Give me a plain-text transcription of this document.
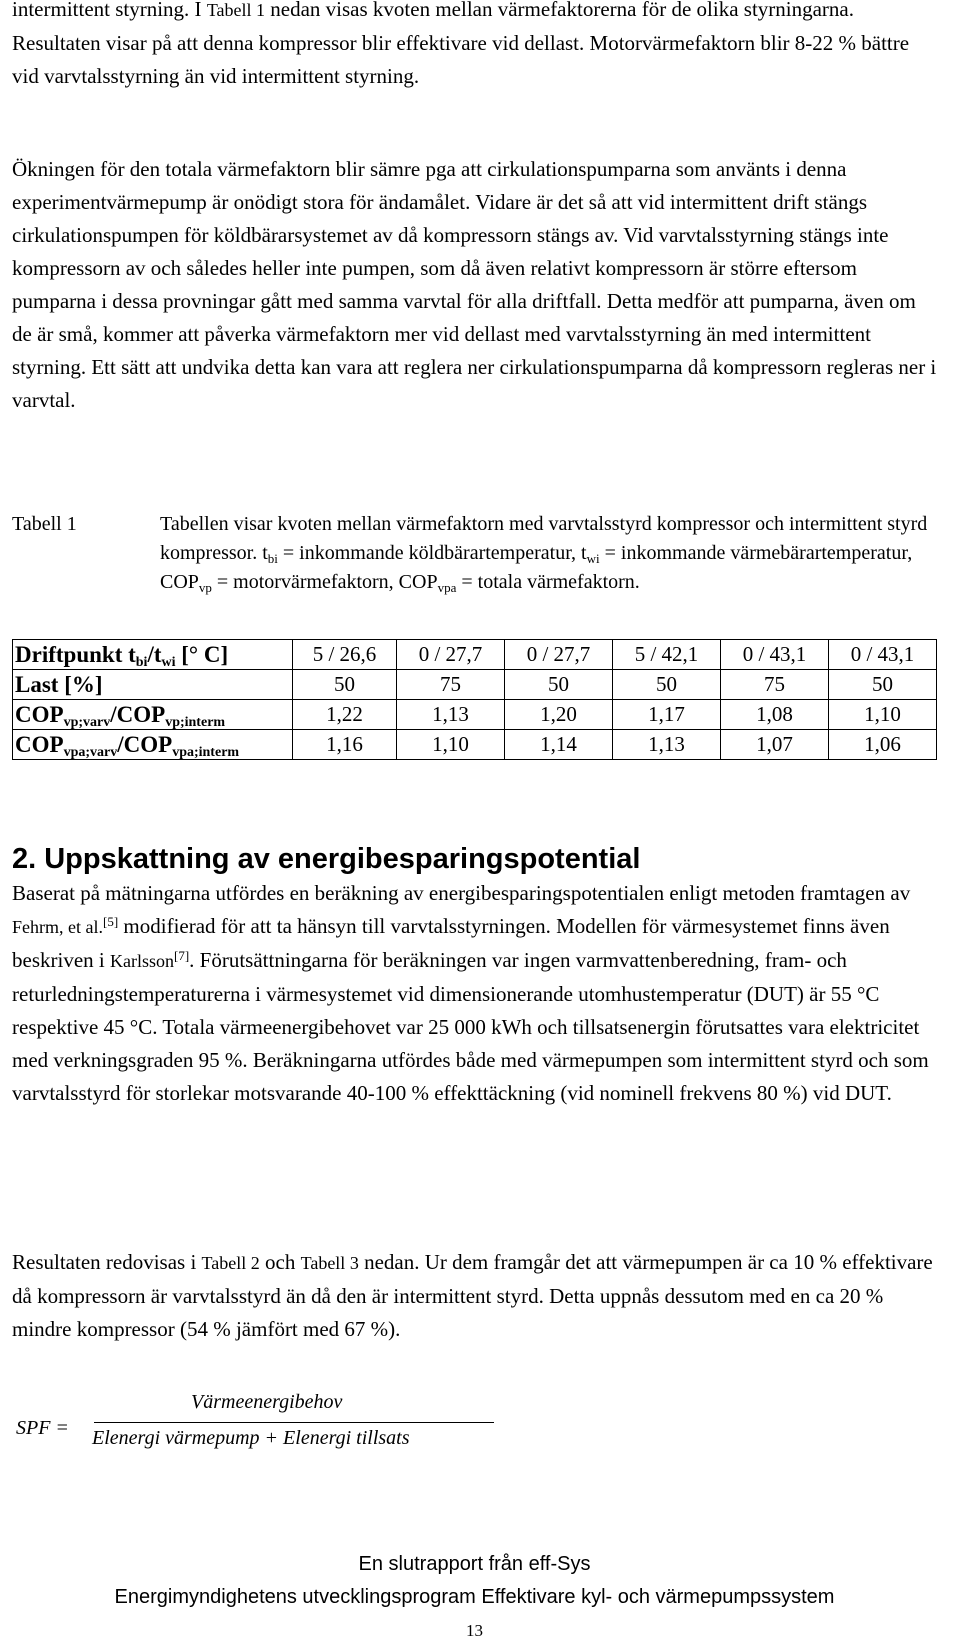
intermittent styrning. I Tabell 1 nedan visas kvoten mellan värmefaktorerna för de olika styrningarna. Resultaten visar på att denna kompressor blir effektivare vid dellast. Motorvärmefaktorn blir 8-22 % bättre vid varvtalsstyrning än vid intermittent styrning.

Ökningen för den totala värmefaktorn blir sämre pga att cirkulationspumparna som använts i denna experimentvärmepump är onödigt stora för ändamålet. Vidare är det så att vid intermittent drift stängs cirkulationspumpen för köldbärarsystemet av då kompressorn stängs av. Vid varvtalsstyrning stängs inte kompressorn av och således heller inte pumpen, som då även relativt kompressorn är större eftersom pumparna i dessa provningar gått med samma varvtal för alla driftfall. Detta medför att pumparna, även om de är små, kommer att påverka värmefaktorn mer vid dellast med varvtalsstyrning än med intermittent styrning. Ett sätt att undvika detta kan vara att reglera ner cirkulationspumparna då kompressorn regleras ner i varvtal.

Tabell 1	Tabellen visar kvoten mellan värmefaktorn med varvtalsstyrd kompressor och intermittent styrd kompressor. $t_{bi}$ = inkommande köldbärartemperatur, $t_{wi}$ = inkommande värmebärartemperatur, $COP_{vp}$ = motorvärmefaktorn, $COP_{vpa}$ = totala värmefaktorn.
Driftpunkt $t_{bi}/t_{wi}$ [° C]	5 / 26,6	0 / 27,7	0 / 27,7	5 / 42,1	0 / 43,1	0 / 43,1
Last [%]	50	75	50	50	75	50
$COP_{vp;varv}/COP_{vp;interm}$	1,22	1,13	1,20	1,17	1,08	1,10
$COP_{vpa;varv}/COP_{vpa;interm}$	1,16	1,10	1,14	1,13	1,07	1,06
2. Uppskattning av energibesparingspotential

Baserat på mätningarna utfördes en beräkning av energibesparingspotentialen enligt metoden framtagen av Fehrm, et al.[5] modifierad för att ta hänsyn till varvtalsstyrningen. Modellen för värmesystemet finns även beskriven i Karlsson[7]. Förutsättningarna för beräkningen var ingen varmvattenberedning, fram- och returledningstemperaturerna i värmesystemet vid dimensionerande utomhustemperatur (DUT) är 55 °C respektive 45 °C. Totala värmeenergibehovet var 25 000 kWh och tillsatsenergin förutsattes vara elektricitet med verkningsgraden 95 %. Beräkningarna utfördes både med värmepumpen som intermittent styrd och som varvtalsstyrd för storlekar motsvarande 40-100 % effekttäckning (vid nominell frekvens 80 %) vid DUT.

Resultaten redovisas i Tabell 2 och Tabell 3 nedan. Ur dem framgår det att värmepumpen är ca 10 % effektivare då kompressorn är varvtalsstyrd än då den är intermittent styrd. Detta uppnås dessutom med en ca 20 % mindre kompressor (54 % jämfört med 67 %).

SPF =
Värmeenergibehov
Elenergi värmepump + Elenergi tillsats
En slutrapport från eff-Sys
Energimyndighetens utvecklingsprogram Effektivare kyl- och värmepumpssystem
13
